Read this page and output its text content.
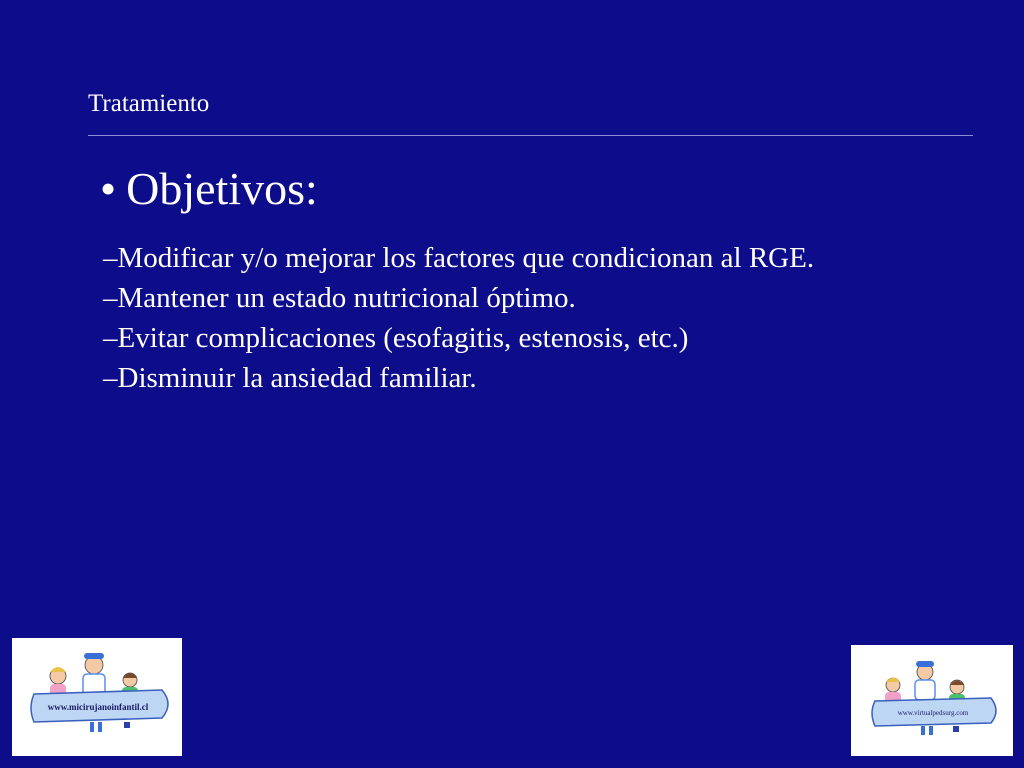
Tratamiento
• Objetivos:
–Modificar y/o mejorar los factores que condicionan al RGE.
–Mantener un estado nutricional óptimo.
–Evitar complicaciones (esofagitis, estenosis, etc.)
–Disminuir la ansiedad familiar.
www.micirujanoinfantil.cl
www.virtualpedsurg.com
